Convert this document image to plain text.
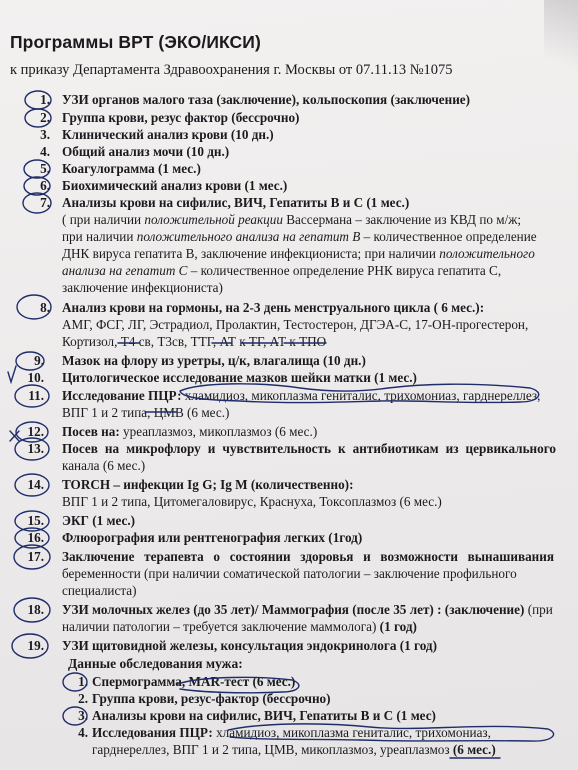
Программы ВРТ (ЭКО/ИКСИ)
к приказу Департамента Здравоохранения г. Москвы от 07.11.13 №1075
1. УЗИ органов малого таза (заключение), кольпоскопия (заключение)
2. Группа крови, резус фактор (бессрочно)
3. Клинический анализ крови (10 дн.)
4. Общий анализ мочи (10 дн.)
5. Коагулограмма (1 мес.)
6. Биохимический анализ крови (1 мес.)
7. Анализы крови на сифилис, ВИЧ, Гепатиты В и С (1 мес.)
( при наличии положительной реакции Вассермана – заключение из КВД по м/ж;
при наличии положительного анализа на гепатит В – количественное определение
ДНК вируса гепатита В, заключение инфекциониста; при наличии положительного
анализа на гепатит С – количественное определение РНК вируса гепатита С,
заключение инфекциониста)
8. Анализ крови на гормоны, на 2-3 день менструального цикла ( 6 мес.):
АМГ, ФСГ, ЛГ, Эстрадиол, Пролактин, Тестостерон, ДГЭА-С, 17-ОН-прогестерон,
Кортизол, Т4 св, Т3св, ТТГ, АТ к ТГ, АТ к ТПО
9. Мазок на флору из уретры, ц/к, влагалища (10 дн.)
10. Цитологическое исследование мазков шейки матки (1 мес.)
11. Исследование ПЦР: хламидиоз, микоплазма гениталис, трихомониаз, гарднереллез,
ВПГ 1 и 2 типа, ЦМВ (6 мес.)
12. Посев на: уреаплазмоз, микоплазмоз (6 мес.)
13. Посев на микрофлору и чувствительность к антибиотикам из цервикального
канала (6 мес.)
14. TORCH – инфекции Ig G; Ig M (количественно):
ВПГ 1 и 2 типа, Цитомегаловирус, Краснуха, Токсоплазмоз (6 мес.)
15. ЭКГ (1 мес.)
16. Флюорография или рентгенография легких (1год)
17. Заключение терапевта о состоянии здоровья и возможности вынашивания
беременности (при наличии соматической патологии – заключение профильного
специалиста)
18. УЗИ молочных желез (до 35 лет)/ Маммография (после 35 лет) : (заключение) (при
наличии патологии – требуется заключение маммолога) (1 год)
19. УЗИ щитовидной железы, консультация эндокринолога (1 год)
Данные обследования мужа:
1. Спермограмма, MAR-тест (6 мес.)
2. Группа крови, резус-фактор (бессрочно)
3. Анализы крови на сифилис, ВИЧ, Гепатиты В и С (1 мес)
4. Исследования ПЦР: хламидиоз, микоплазма гениталис, трихомониаз,
гарднереллез, ВПГ 1 и 2 типа, ЦМВ, микоплазмоз, уреаплазмоз (6 мес.)
